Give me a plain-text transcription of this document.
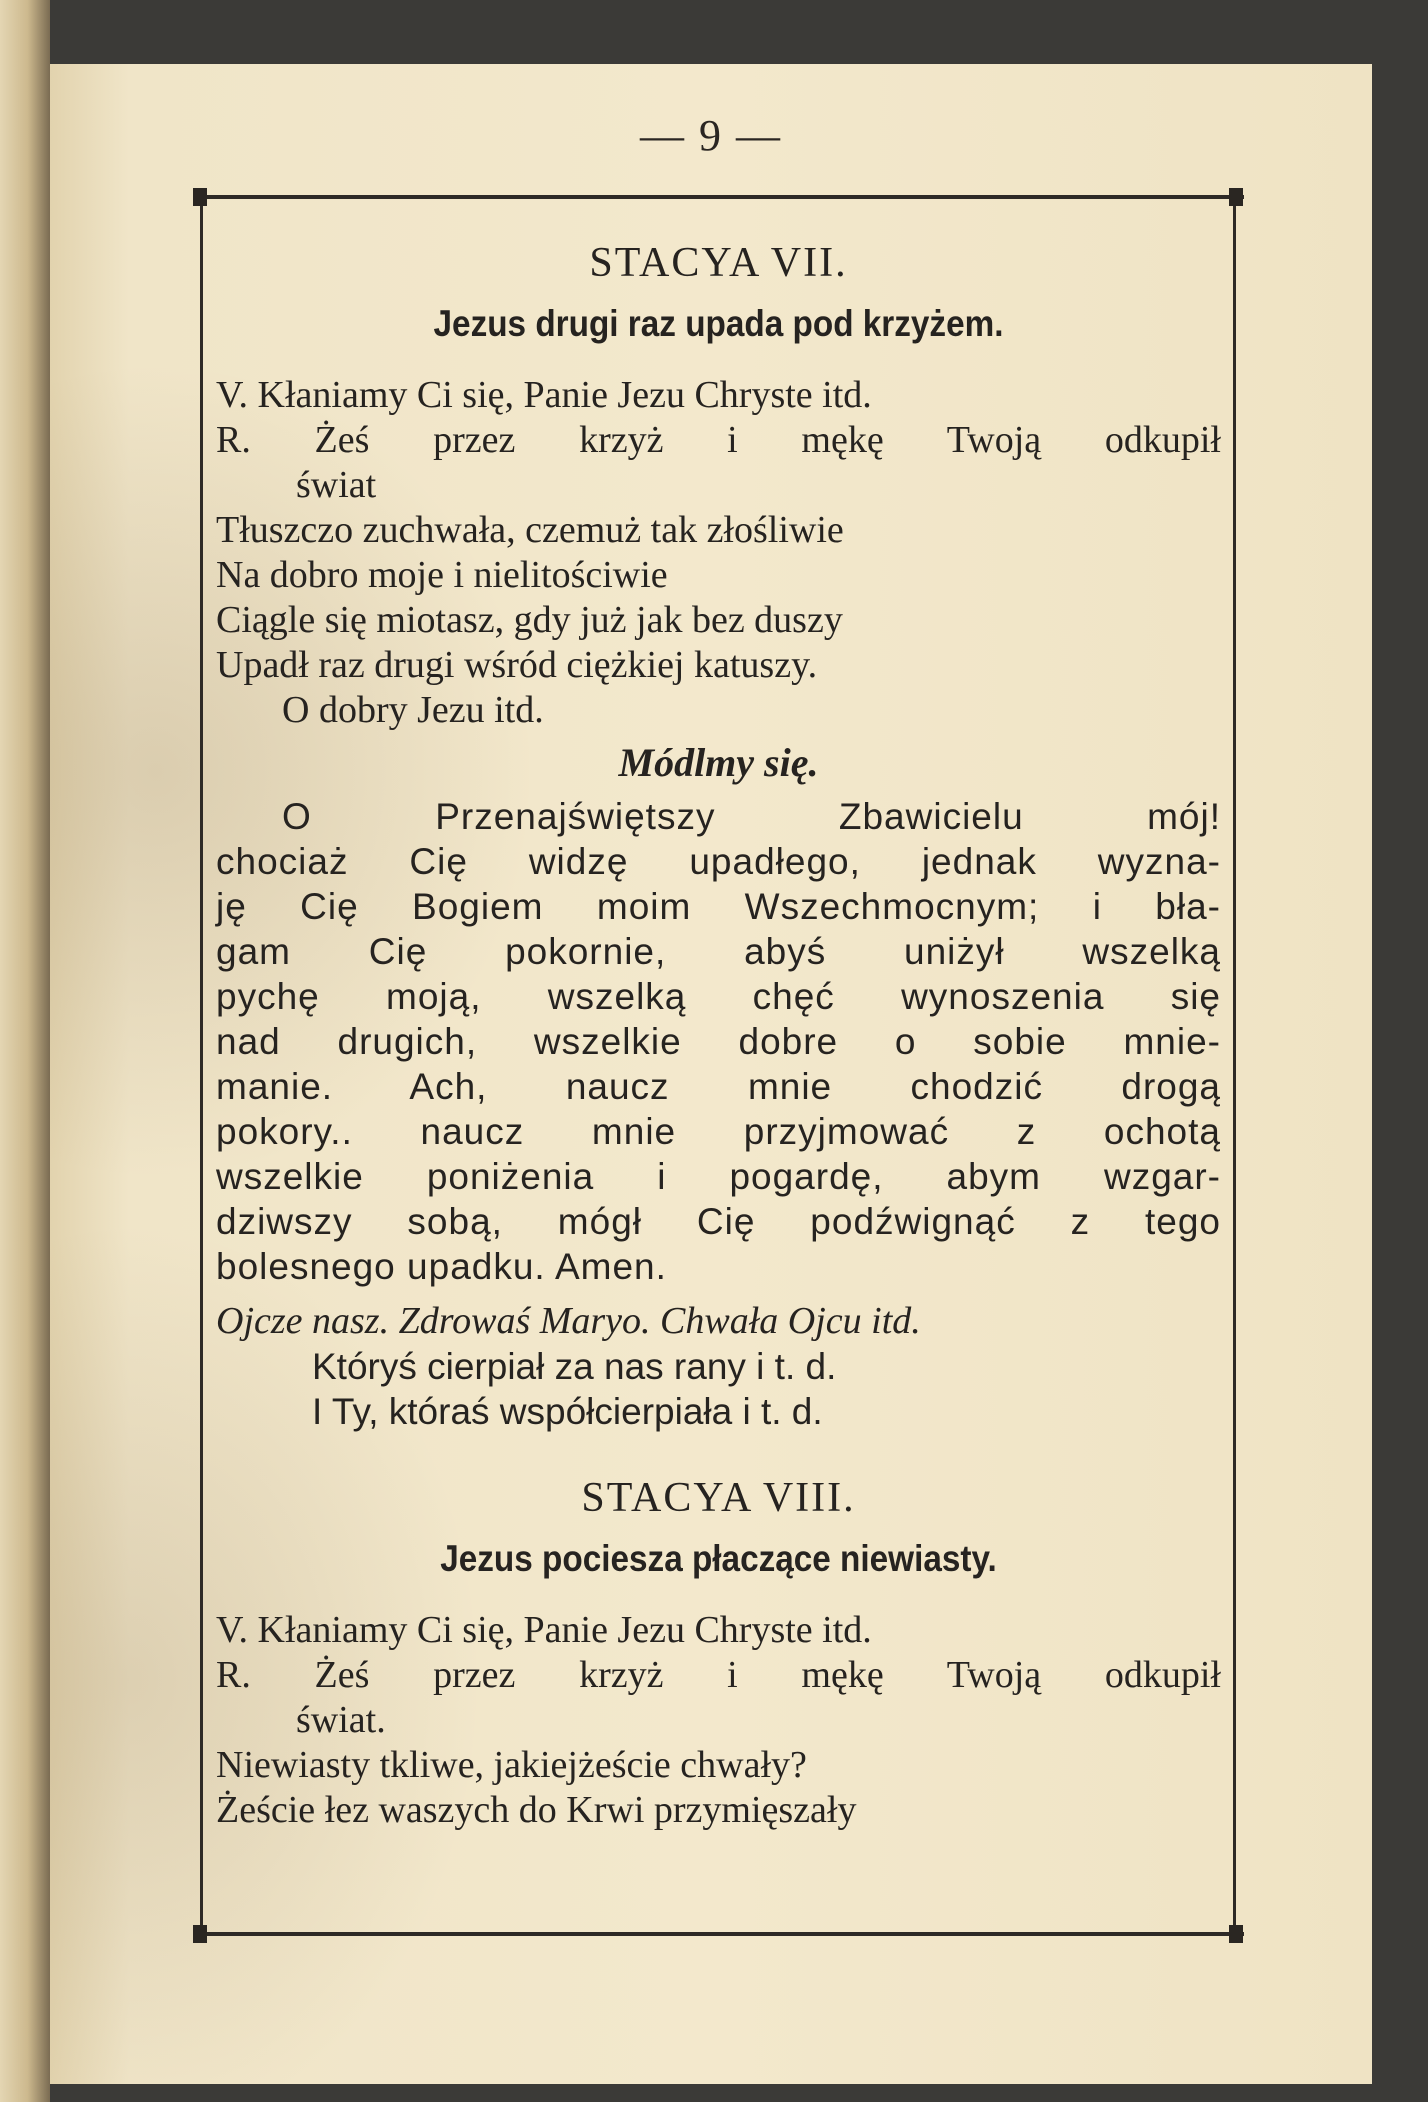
— 9 —
STACYA VII.
Jezus drugi raz upada pod krzyżem.
V. Kłaniamy Ci się, Panie Jezu Chryste itd.
R. Żeś przez krzyż i mękę Twoją odkupił
świat
Tłuszczo zuchwała, czemuż tak złośliwie
Na dobro moje i nielitościwie
Ciągle się miotasz, gdy już jak bez duszy
Upadł raz drugi wśród ciężkiej katuszy.
O dobry Jezu itd.
Módlmy się.
O Przenajświętszy Zbawicielu mój!
chociaż Cię widzę upadłego, jednak wyzna-
ję Cię Bogiem moim Wszechmocnym; i bła-
gam Cię pokornie, abyś uniżył wszelką
pychę moją, wszelką chęć wynoszenia się
nad drugich, wszelkie dobre o sobie mnie-
manie. Ach, naucz mnie chodzić drogą
pokory.. naucz mnie przyjmować z ochotą
wszelkie poniżenia i pogardę, abym wzgar-
dziwszy sobą, mógł Cię podźwignąć z tego
bolesnego upadku. Amen.
Ojcze nasz. Zdrowaś Maryo. Chwała Ojcu itd.
Któryś cierpiał za nas rany i t. d.
I Ty, któraś współcierpiała i t. d.
STACYA VIII.
Jezus pociesza płaczące niewiasty.
V. Kłaniamy Ci się, Panie Jezu Chryste itd.
R. Żeś przez krzyż i mękę Twoją odkupił
świat.
Niewiasty tkliwe, jakiejżeście chwały?
Żeście łez waszych do Krwi przymięszały
